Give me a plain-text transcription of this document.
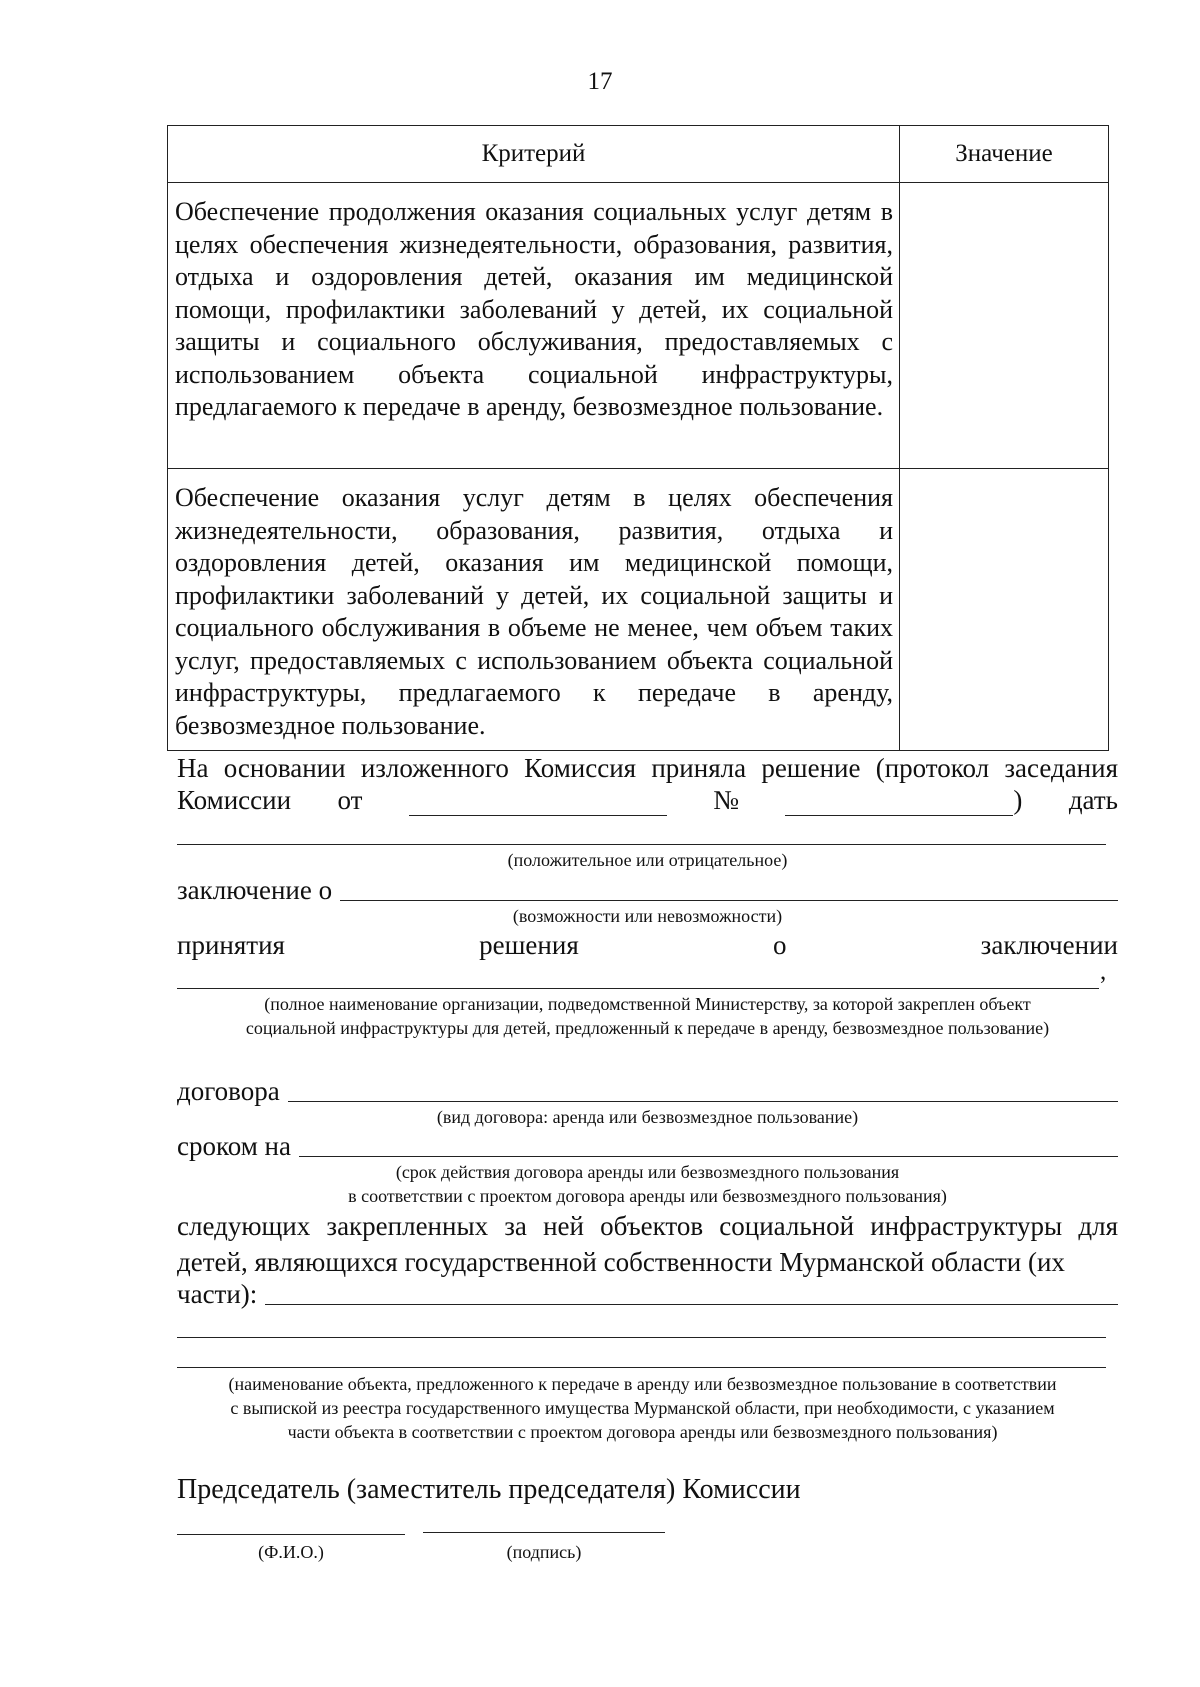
17
Критерий	Значение
Обеспечение продолжения оказания социальных услуг детям в целях обеспечения жизнедеятельности, образования, развития, отдыха и оздоровления детей, оказания им медицинской помощи, профилактики заболеваний у детей, их социальной защиты и социального обслуживания, предоставляемых с использованием объекта социальной инфраструктуры, предлагаемого к передаче в аренду, безвозмездное пользование.	
Обеспечение оказания услуг детям в целях обеспечения жизнедеятельности, образования, развития, отдыха и оздоровления детей, оказания им медицинской помощи, профилактики заболеваний у детей, их социальной защиты и социального обслуживания в объеме не менее, чем объем таких услуг, предоставляемых с использованием объекта социальной инфраструктуры, предлагаемого к передаче в аренду, безвозмездное пользование.	
На основании изложенного Комиссия приняла решение (протокол заседания
Комиссии от	№	) дать
(положительное или отрицательное)
заключение о
(возможности или невозможности)
принятия	решения	о	заключении
,
(полное наименование организации, подведомственной Министерству, за которой закреплен объект
социальной инфраструктуры для детей, предложенный к передаче в аренду, безвозмездное пользование)
договора
(вид договора: аренда или безвозмездное пользование)
сроком на
(срок действия договора аренды или безвозмездного пользования
в соответствии с проектом договора аренды или безвозмездного пользования)
следующих закрепленных за ней объектов социальной инфраструктуры для детей, являющихся государственной собственности Мурманской области (их
части):
(наименование объекта, предложенного к передаче в аренду или безвозмездное пользование в соответствии
с выпиской из реестра государственного имущества Мурманской области, при необходимости, с указанием
части объекта в соответствии с проектом договора аренды или безвозмездного пользования)
Председатель (заместитель председателя) Комиссии
(Ф.И.О.)	(подпись)
